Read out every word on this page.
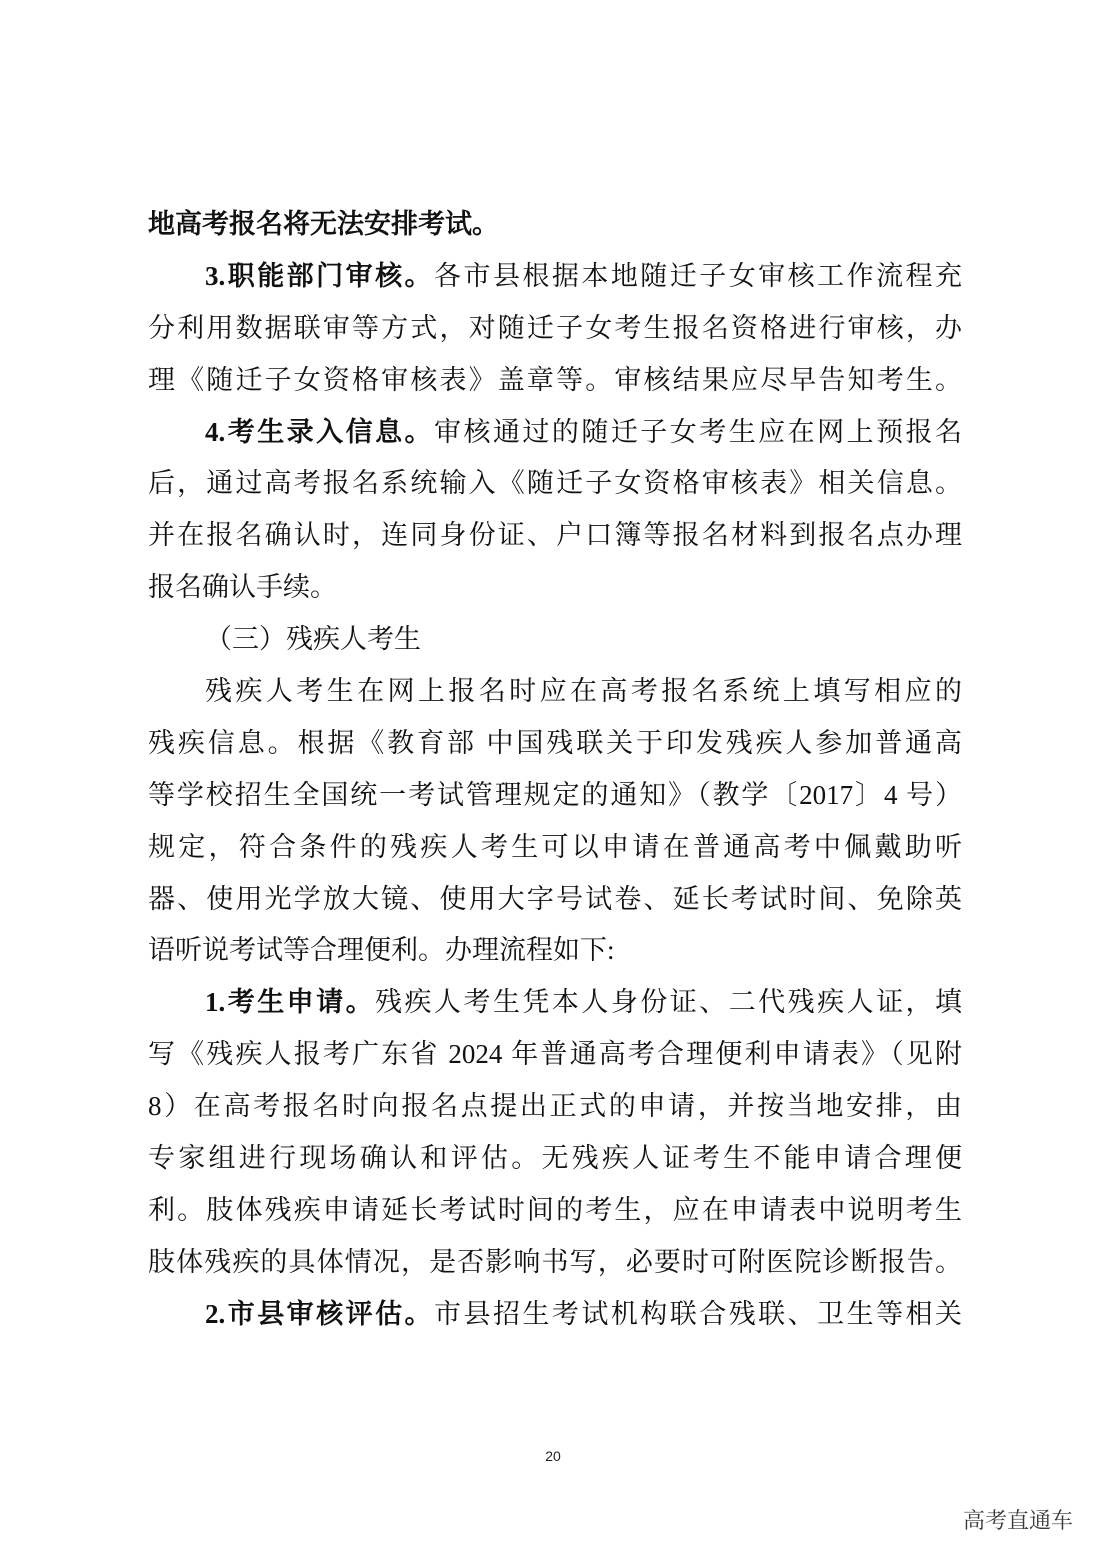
地高考报名将无法安排考试。
3.职能部门审核。各市县根据本地随迁子女审核工作流程充
分利用数据联审等方式，对随迁子女考生报名资格进行审核，办
理《随迁子女资格审核表》盖章等。审核结果应尽早告知考生。
4.考生录入信息。审核通过的随迁子女考生应在网上预报名
后，通过高考报名系统输入《随迁子女资格审核表》相关信息。
并在报名确认时，连同身份证、户口簿等报名材料到报名点办理
报名确认手续。
（三）残疾人考生
残疾人考生在网上报名时应在高考报名系统上填写相应的
残疾信息。根据《教育部 中国残联关于印发残疾人参加普通高
等学校招生全国统一考试管理规定的通知》（教学〔2017〕4 号）
规定，符合条件的残疾人考生可以申请在普通高考中佩戴助听
器、使用光学放大镜、使用大字号试卷、延长考试时间、免除英
语听说考试等合理便利。办理流程如下:
1.考生申请。残疾人考生凭本人身份证、二代残疾人证，填
写《残疾人报考广东省 2024 年普通高考合理便利申请表》（见附
8）在高考报名时向报名点提出正式的申请，并按当地安排，由
专家组进行现场确认和评估。无残疾人证考生不能申请合理便
利。肢体残疾申请延长考试时间的考生，应在申请表中说明考生
肢体残疾的具体情况，是否影响书写，必要时可附医院诊断报告。
2.市县审核评估。市县招生考试机构联合残联、卫生等相关
20
高考直通车
